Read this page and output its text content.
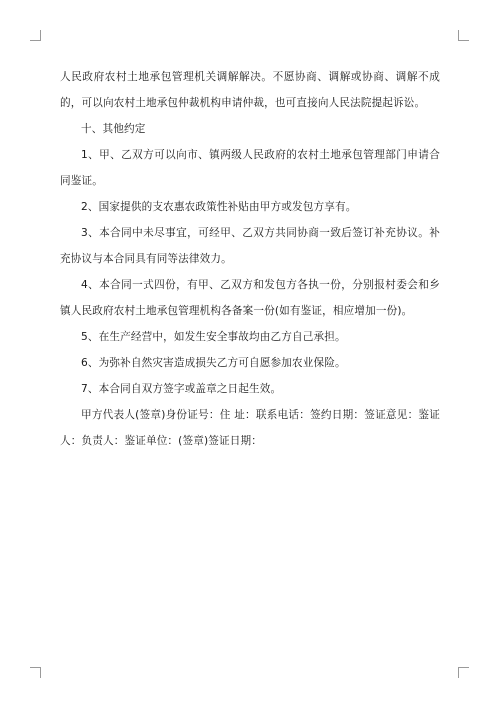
人民政府农村土地承包管理机关调解解决。不愿协商、调解或协商、调解不成的，可以向农村土地承包仲裁机构申请仲裁，也可直接向人民法院提起诉讼。

十、其他约定

1、甲、乙双方可以向市、镇两级人民政府的农村土地承包管理部门申请合同鉴证。

2、国家提供的支农惠农政策性补贴由甲方或发包方享有。

3、本合同中未尽事宜，可经甲、乙双方共同协商一致后签订补充协议。补充协议与本合同具有同等法律效力。

4、本合同一式四份，有甲、乙双方和发包方各执一份，分别报村委会和乡镇人民政府农村土地承包管理机构各备案一份(如有鉴证，相应增加一份)。

5、在生产经营中，如发生安全事故均由乙方自己承担。

6、为弥补自然灾害造成损失乙方可自愿参加农业保险。

7、本合同自双方签字或盖章之日起生效。

甲方代表人(签章)身份证号：住 址：联系电话：签约日期：签证意见：鉴证人：负责人：鉴证单位：(签章)签证日期：
